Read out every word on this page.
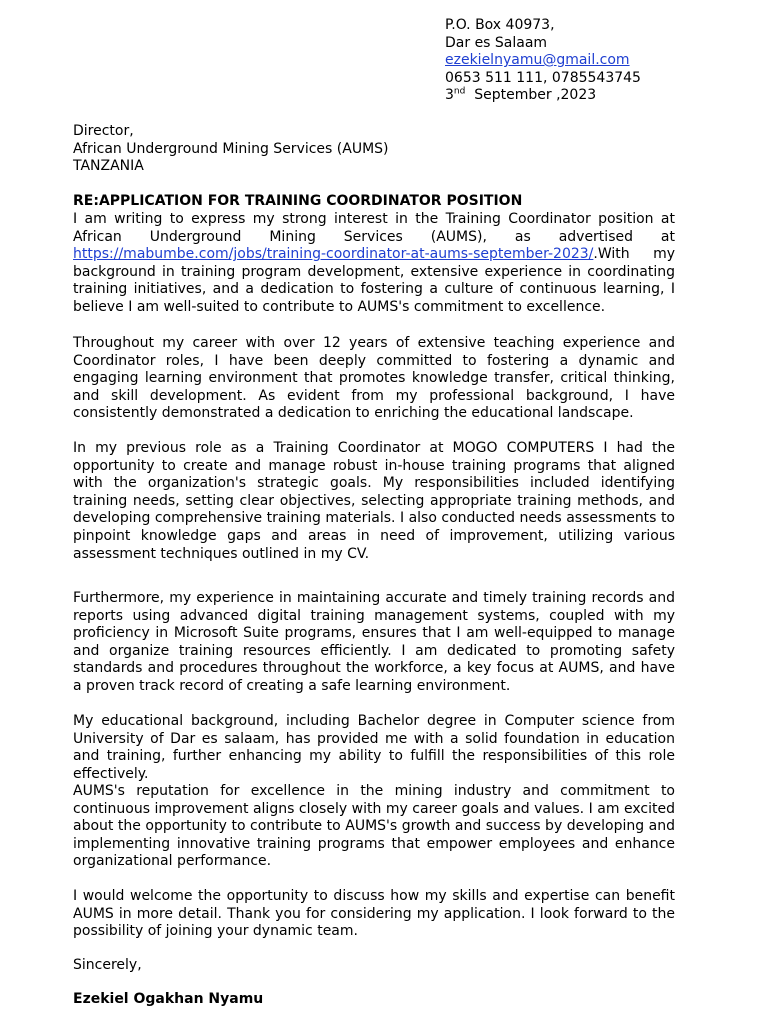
P.O. Box 40973,
Dar es Salaam
ezekielnyamu@gmail.com
0653 511 111, 0785543745
3nd  September ,2023
Director,
African Underground Mining Services (AUMS)
TANZANIA
RE:APPLICATION FOR TRAINING COORDINATOR POSITION

I am writing to express my strong interest in the Training Coordinator position at African Underground Mining Services (AUMS), as advertised at https://mabumbe.com/jobs/training-coordinator-at-aums-september-2023/.With my background in training program development, extensive experience in coordinating training initiatives, and a dedication to fostering a culture of continuous learning, I believe I am well-suited to contribute to AUMS's commitment to excellence.

Throughout my career with over 12 years of extensive teaching experience and Coordinator roles, I have been deeply committed to fostering a dynamic and engaging learning environment that promotes knowledge transfer, critical thinking, and skill development. As evident from my professional background, I have consistently demonstrated a dedication to enriching the educational landscape.

In my previous role as a Training Coordinator at MOGO COMPUTERS I had the opportunity to create and manage robust in-house training programs that aligned with the organization's strategic goals. My responsibilities included identifying training needs, setting clear objectives, selecting appropriate training methods, and developing comprehensive training materials. I also conducted needs assessments to pinpoint knowledge gaps and areas in need of improvement, utilizing various assessment techniques outlined in my CV.

Furthermore, my experience in maintaining accurate and timely training records and reports using advanced digital training management systems, coupled with my proficiency in Microsoft Suite programs, ensures that I am well-equipped to manage and organize training resources efficiently. I am dedicated to promoting safety standards and procedures throughout the workforce, a key focus at AUMS, and have a proven track record of creating a safe learning environment.

My educational background, including Bachelor degree in Computer science from University of Dar es salaam, has provided me with a solid foundation in education and training, further enhancing my ability to fulfill the responsibilities of this role effectively.

AUMS's reputation for excellence in the mining industry and commitment to continuous improvement aligns closely with my career goals and values. I am excited about the opportunity to contribute to AUMS's growth and success by developing and implementing innovative training programs that empower employees and enhance organizational performance.

I would welcome the opportunity to discuss how my skills and expertise can benefit AUMS in more detail. Thank you for considering my application. I look forward to the possibility of joining your dynamic team.

Sincerely,
Ezekiel Ogakhan Nyamu
